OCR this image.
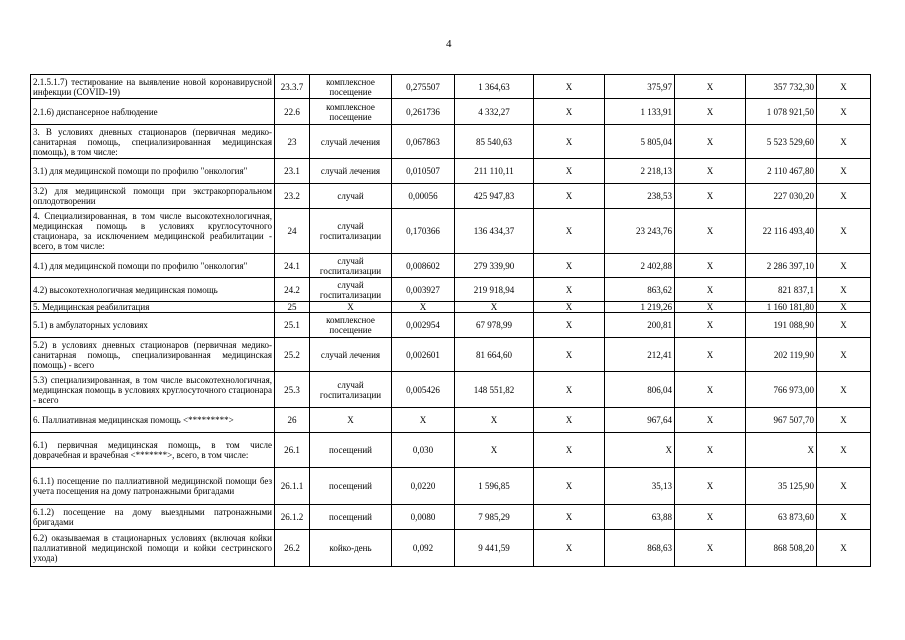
4
2.1.5.1.7) тестирование на выявление новой коронавирусной инфекции (COVID-19)	23.3.7	комплексное посещение	0,275507	1 364,63	X	375,97	X	357 732,30	X
2.1.6) диспансерное наблюдение	22.6	комплексное посещение	0,261736	4 332,27	X	1 133,91	X	1 078 921,50	X
3. В условиях дневных стационаров (первичная медико-санитарная помощь, специализированная медицинская помощь), в том числе:	23	случай лечения	0,067863	85 540,63	X	5 805,04	X	5 523 529,60	X
3.1) для медицинской помощи по профилю "онкология"	23.1	случай лечения	0,010507	211 110,11	X	2 218,13	X	2 110 467,80	X
3.2) для медицинской помощи при экстракорпоральном оплодотворении	23.2	случай	0,00056	425 947,83	X	238,53	X	227 030,20	X
4. Специализированная, в том числе высокотехнологичная, медицинская помощь в условиях круглосуточного стационара, за исключением медицинской реабилитации - всего, в том числе:	24	случай госпитализации	0,170366	136 434,37	X	23 243,76	X	22 116 493,40	X
4.1) для медицинской помощи по профилю "онкология"	24.1	случай госпитализации	0,008602	279 339,90	X	2 402,88	X	2 286 397,10	X
4.2) высокотехнологичная медицинская помощь	24.2	случай госпитализации	0,003927	219 918,94	X	863,62	X	821 837,1	X
5. Медицинская реабилитация	25	X	X	X	X	1 219,26	X	1 160 181,80	X
5.1) в амбулаторных условиях	25.1	комплексное посещение	0,002954	67 978,99	X	200,81	X	191 088,90	X
5.2) в условиях дневных стационаров (первичная медико-санитарная помощь, специализированная медицинская помощь) - всего	25.2	случай лечения	0,002601	81 664,60	X	212,41	X	202 119,90	X
5.3) специализированная, в том числе высокотехнологичная, медицинская помощь в условиях круглосуточного стационара - всего	25.3	случай госпитализации	0,005426	148 551,82	X	806,04	X	766 973,00	X
6. Паллиативная медицинская помощь <*********>	26	X	X	X	X	967,64	X	967 507,70	X
6.1) первичная медицинская помощь, в том числе доврачебная и врачебная <*******>, всего, в том числе:	26.1	посещений	0,030	X	X	X	X	X	X
6.1.1) посещение по паллиативной медицинской помощи без учета посещения на дому патронажными бригадами	26.1.1	посещений	0,0220	1 596,85	X	35,13	X	35 125,90	X
6.1.2) посещение на дому выездными патронажными бригадами	26.1.2	посещений	0,0080	7 985,29	X	63,88	X	63 873,60	X
6.2) оказываемая в стационарных условиях (включая койки паллиативной медицинской помощи и койки сестринского ухода)	26.2	койко-день	0,092	9 441,59	X	868,63	X	868 508,20	X
